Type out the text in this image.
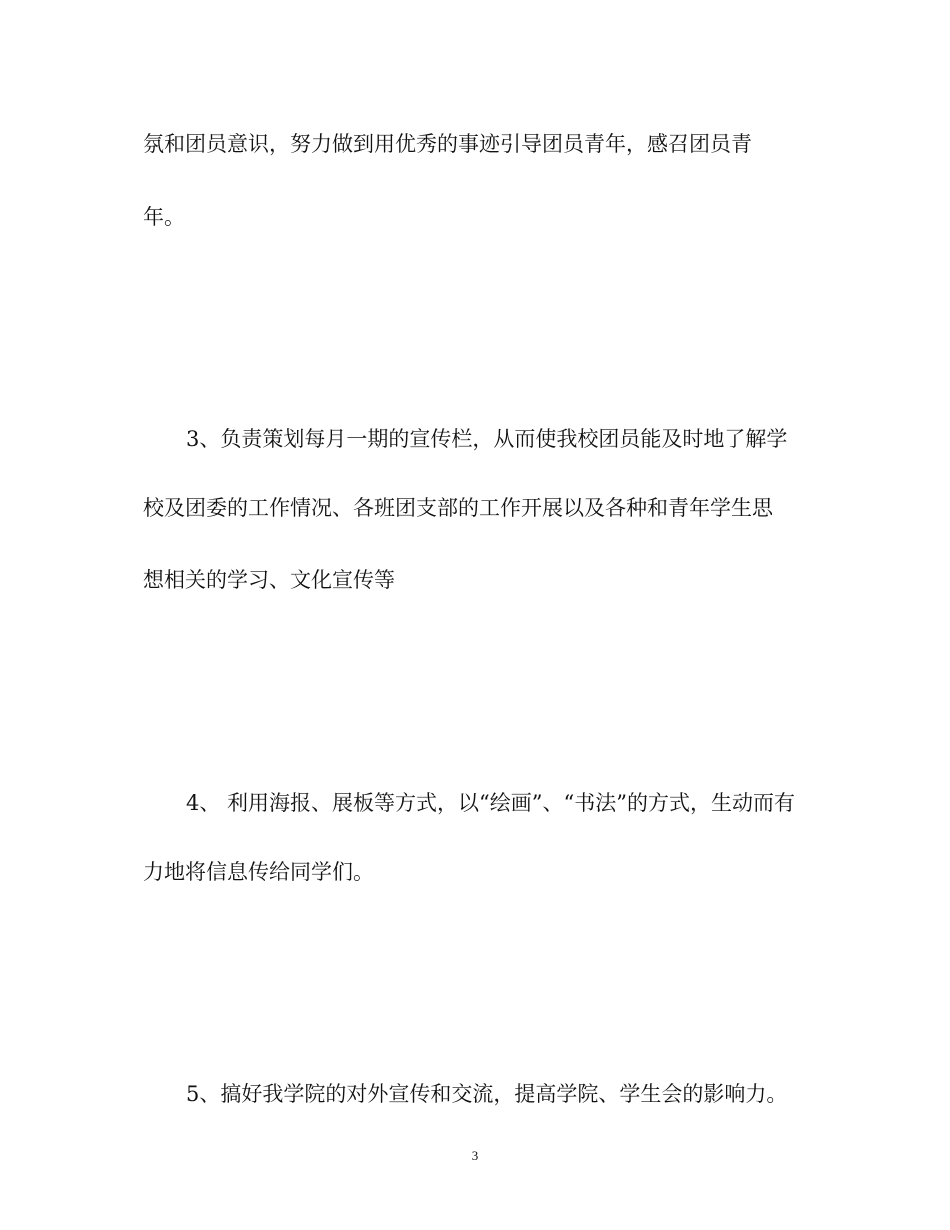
氛和团员意识，努力做到用优秀的事迹引导团员青年，感召团员青
年。
3、负责策划每月一期的宣传栏，从而使我校团员能及时地了解学
校及团委的工作情况、各班团支部的工作开展以及各种和青年学生思
想相关的学习、文化宣传等
4、 利用海报、展板等方式，以“绘画”、“书法”的方式，生动而有
力地将信息传给同学们。
5、搞好我学院的对外宣传和交流，提高学院、学生会的影响力。
3
